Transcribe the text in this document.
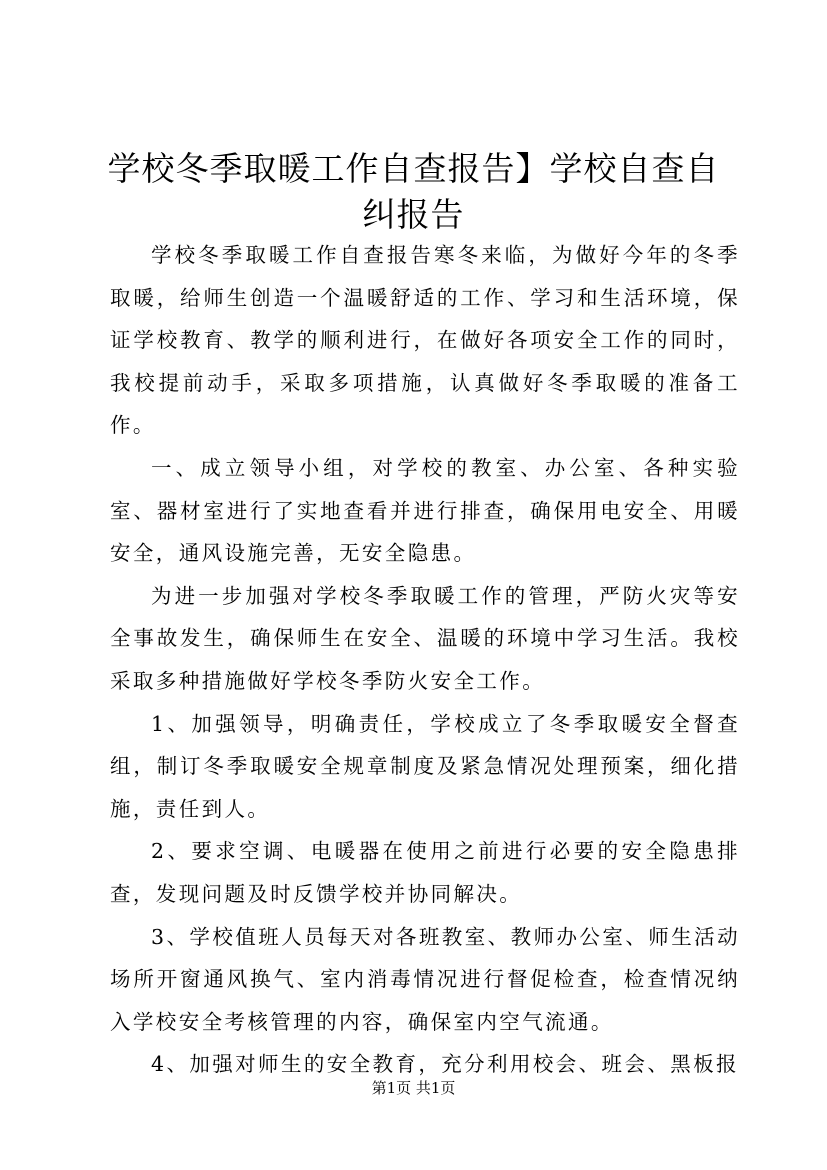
学校冬季取暖工作自查报告】学校自查自纠报告

学校冬季取暖工作自查报告寒冬来临，为做好今年的冬季取暖，给师生创造一个温暖舒适的工作、学习和生活环境，保证学校教育、教学的顺利进行，在做好各项安全工作的同时，我校提前动手，采取多项措施，认真做好冬季取暖的准备工作。

一、成立领导小组，对学校的教室、办公室、各种实验室、器材室进行了实地查看并进行排查，确保用电安全、用暖安全，通风设施完善，无安全隐患。

为进一步加强对学校冬季取暖工作的管理，严防火灾等安全事故发生，确保师生在安全、温暖的环境中学习生活。我校采取多种措施做好学校冬季防火安全工作。

1、加强领导，明确责任，学校成立了冬季取暖安全督查组，制订冬季取暖安全规章制度及紧急情况处理预案，细化措施，责任到人。

2、要求空调、电暖器在使用之前进行必要的安全隐患排查，发现问题及时反馈学校并协同解决。

3、学校值班人员每天对各班教室、教师办公室、师生活动场所开窗通风换气、室内消毒情况进行督促检查，检查情况纳入学校安全考核管理的内容，确保室内空气流通。

4、加强对师生的安全教育，充分利用校会、班会、黑板报

第1页 共1页
